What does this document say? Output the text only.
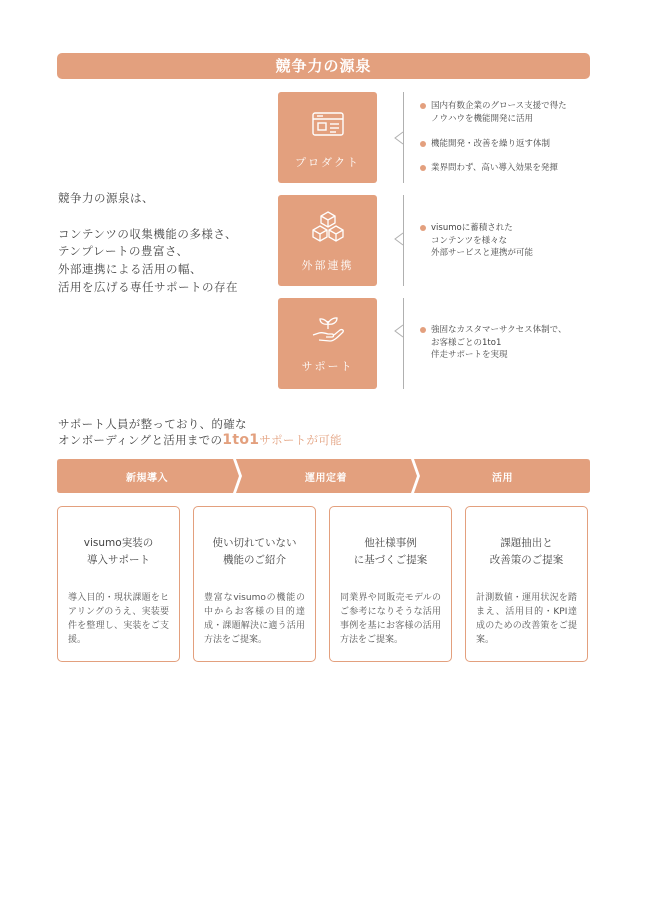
競争力の源泉
競争力の源泉は、
コンテンツの収集機能の多様さ、
テンプレートの豊富さ、
外部連携による活用の幅、
活用を広げる専任サポートの存在
プロダクト
国内有数企業のグロース支援で得た
ノウハウを機能開発に活用
機能開発・改善を繰り返す体制
業界問わず、高い導入効果を発揮
外部連携
visumoに蓄積された
コンテンツを様々な
外部サービスと連携が可能
サポート
強固なカスタマーサクセス体制で、
お客様ごとの1to1
伴走サポートを実現
サポート人員が整っており、的確な
オンボーディングと活用までの1to1サポートが可能
新規導入	運用定着	活用
visumo実装の
導入サポート
導入目的・現状課題をヒアリングのうえ、実装要件を整理し、実装をご支援。
使い切れていない
機能のご紹介
豊富なvisumoの機能の中からお客様の目的達成・課題解決に適う活用方法をご提案。
他社様事例
に基づくご提案
同業界や同販売モデルのご参考になりそうな活用事例を基にお客様の活用方法をご提案。
課題抽出と
改善策のご提案
計測数値・運用状況を踏まえ、活用目的・KPI達成のための改善策をご提案。
